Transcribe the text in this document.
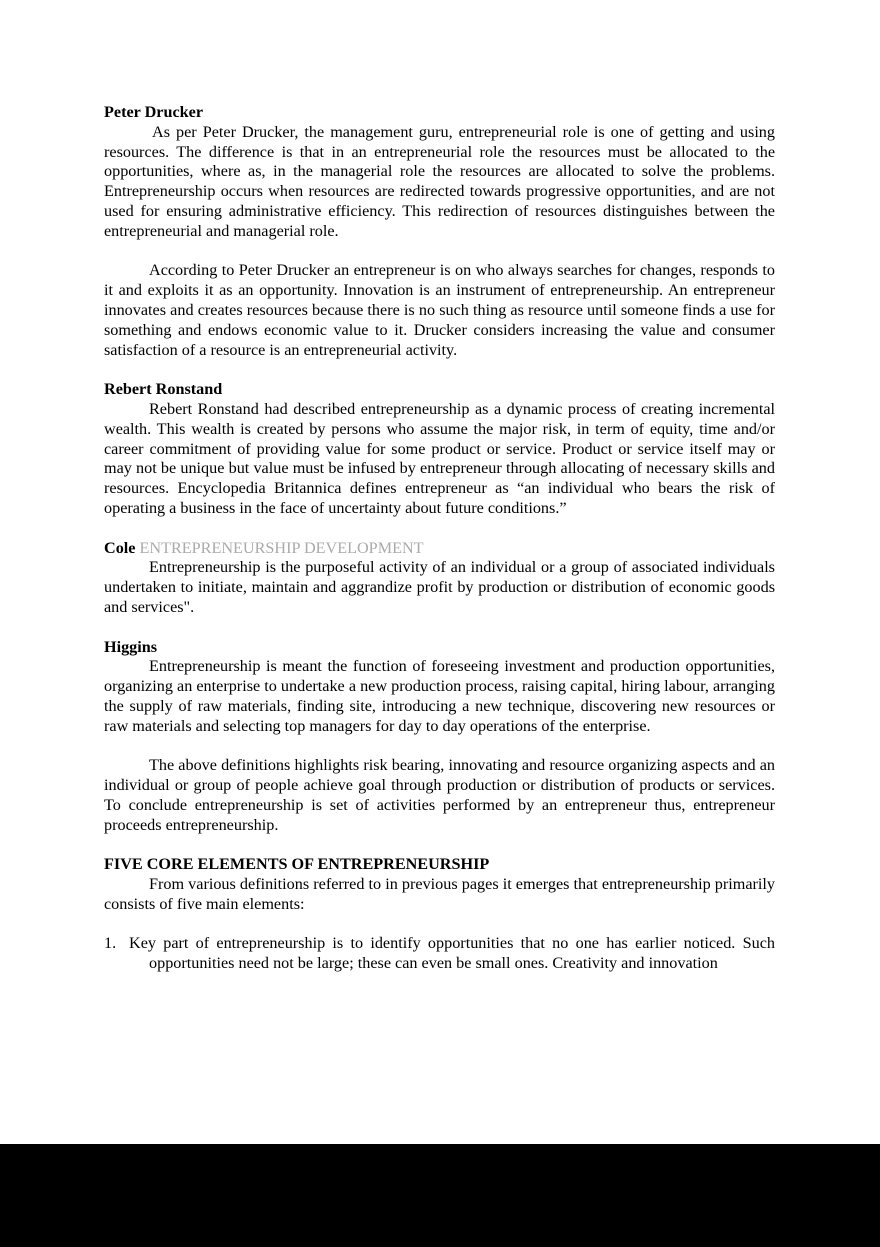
Peter Drucker

As per Peter Drucker, the management guru, entrepreneurial role is one of getting and using resources. The difference is that in an entrepreneurial role the resources must be allocated to the opportunities, where as, in the managerial role the resources are allocated to solve the problems. Entrepreneurship occurs when resources are redirected towards progressive opportunities, and are not used for ensuring administrative efficiency. This redirection of resources distinguishes between the entrepreneurial and managerial role.

According to Peter Drucker an entrepreneur is on who always searches for changes, responds to it and exploits it as an opportunity. Innovation is an instrument of entrepreneurship. An entrepreneur innovates and creates resources because there is no such thing as resource until someone finds a use for something and endows economic value to it. Drucker considers increasing the value and consumer satisfaction of a resource is an entrepreneurial activity.

Rebert Ronstand

Rebert Ronstand had described entrepreneurship as a dynamic process of creating incremental wealth. This wealth is created by persons who assume the major risk, in term of equity, time and/or career commitment of providing value for some product or service. Product or service itself may or may not be unique but value must be infused by entrepreneur through allocating of necessary skills and resources. Encyclopedia Britannica defines entrepreneur as “an individual who bears the risk of operating a business in the face of uncertainty about future conditions.”

Cole ENTREPRENEURSHIP DEVELOPMENT

Entrepreneurship is the purposeful activity of an individual or a group of associated individuals undertaken to initiate, maintain and aggrandize profit by production or distribution of economic goods and services".

Higgins

Entrepreneurship is meant the function of foreseeing investment and production opportunities, organizing an enterprise to undertake a new production process, raising capital, hiring labour, arranging the supply of raw materials, finding site, introducing a new technique, discovering new resources or raw materials and selecting top managers for day to day operations of the enterprise.

The above definitions highlights risk bearing, innovating and resource organizing aspects and an individual or group of people achieve goal through production or distribution of products or services. To conclude entrepreneurship is set of activities performed by an entrepreneur thus, entrepreneur proceeds entrepreneurship.

FIVE CORE ELEMENTS OF ENTREPRENEURSHIP

From various definitions referred to in previous pages it emerges that entrepreneurship primarily consists of five main elements:

1. Key part of entrepreneurship is to identify opportunities that no one has earlier noticed. Such opportunities need not be large; these can even be small ones. Creativity and innovation
